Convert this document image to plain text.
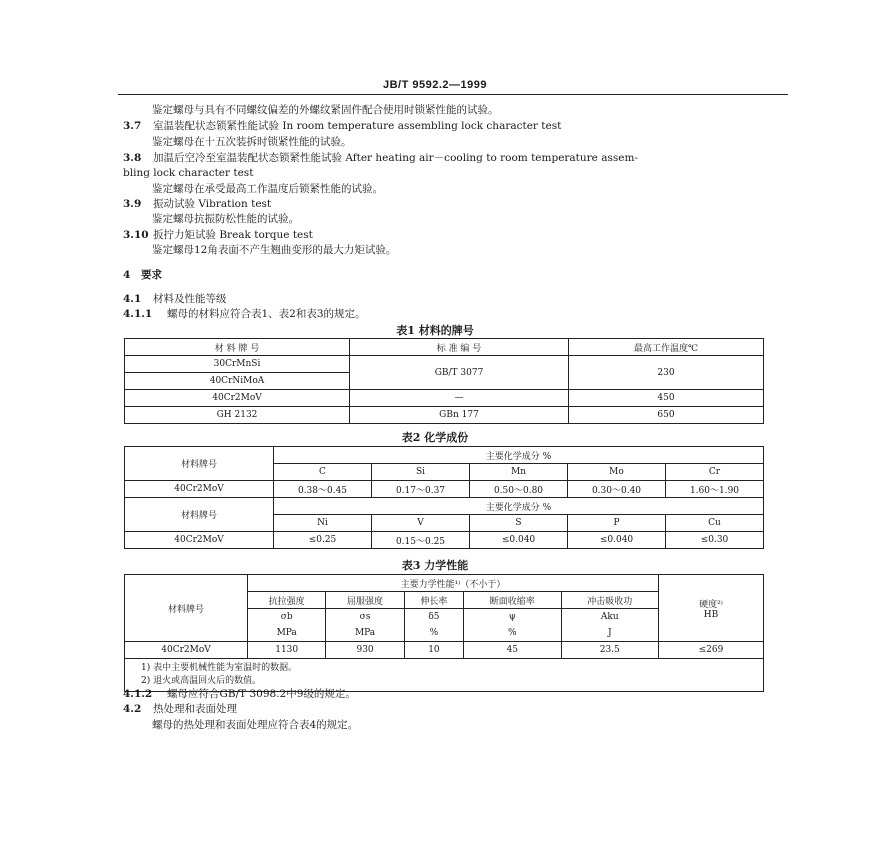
JB/T 9592.2—1999
鉴定螺母与具有不同螺纹偏差的外螺纹紧固件配合使用时锁紧性能的试验。
3.7 室温装配状态锁紧性能试验 In room temperature assembling lock character test
鉴定螺母在十五次装拆时锁紧性能的试验。
3.8 加温后空冷至室温装配状态锁紧性能试验 After heating air－cooling to room temperature assem-
bling lock character test
鉴定螺母在承受最高工作温度后锁紧性能的试验。
3.9 振动试验 Vibration test
鉴定螺母抗振防松性能的试验。
3.10 扳拧力矩试验 Break torque test
鉴定螺母12角表面不产生翘曲变形的最大力矩试验。
4 要求
4.1 材料及性能等级
4.1.1 螺母的材料应符合表1、表2和表3的规定。
表1 材料的牌号
材 料 牌 号	标 准 编 号	最高工作温度℃
30CrMnSi	GB/T 3077	230
40CrNiMoA		
40Cr2MoV	—	450
GH 2132	GBn 177	650
表2 化学成份
材料牌号	主要化学成分 %				
	C	Si	Mn	Mo	Cr
40Cr2MoV	0.38～0.45	0.17～0.37	0.50～0.80	0.30～0.40	1.60～1.90
材料牌号	主要化学成分 %				
	Ni	V	S	P	Cu
40Cr2MoV	≤0.25	0.15～0.25	≤0.040	≤0.040	≤0.30
表3 力学性能
材料牌号	主要力学性能¹⁾（不小于）					硬度²⁾
HB
	抗拉强度	屈服强度	伸长率	断面收缩率	冲击吸收功	
	σb	σs	δ5	ψ	Aku	
	MPa	MPa	%	%	J	
40Cr2MoV	1130	930	10	45	23.5	≤269

1) 表中主要机械性能为室温时的数据。
2) 退火或高温回火后的数值。						
4.1.2 螺母应符合GB/T 3098.2中9级的规定。
4.2 热处理和表面处理
螺母的热处理和表面处理应符合表4的规定。
